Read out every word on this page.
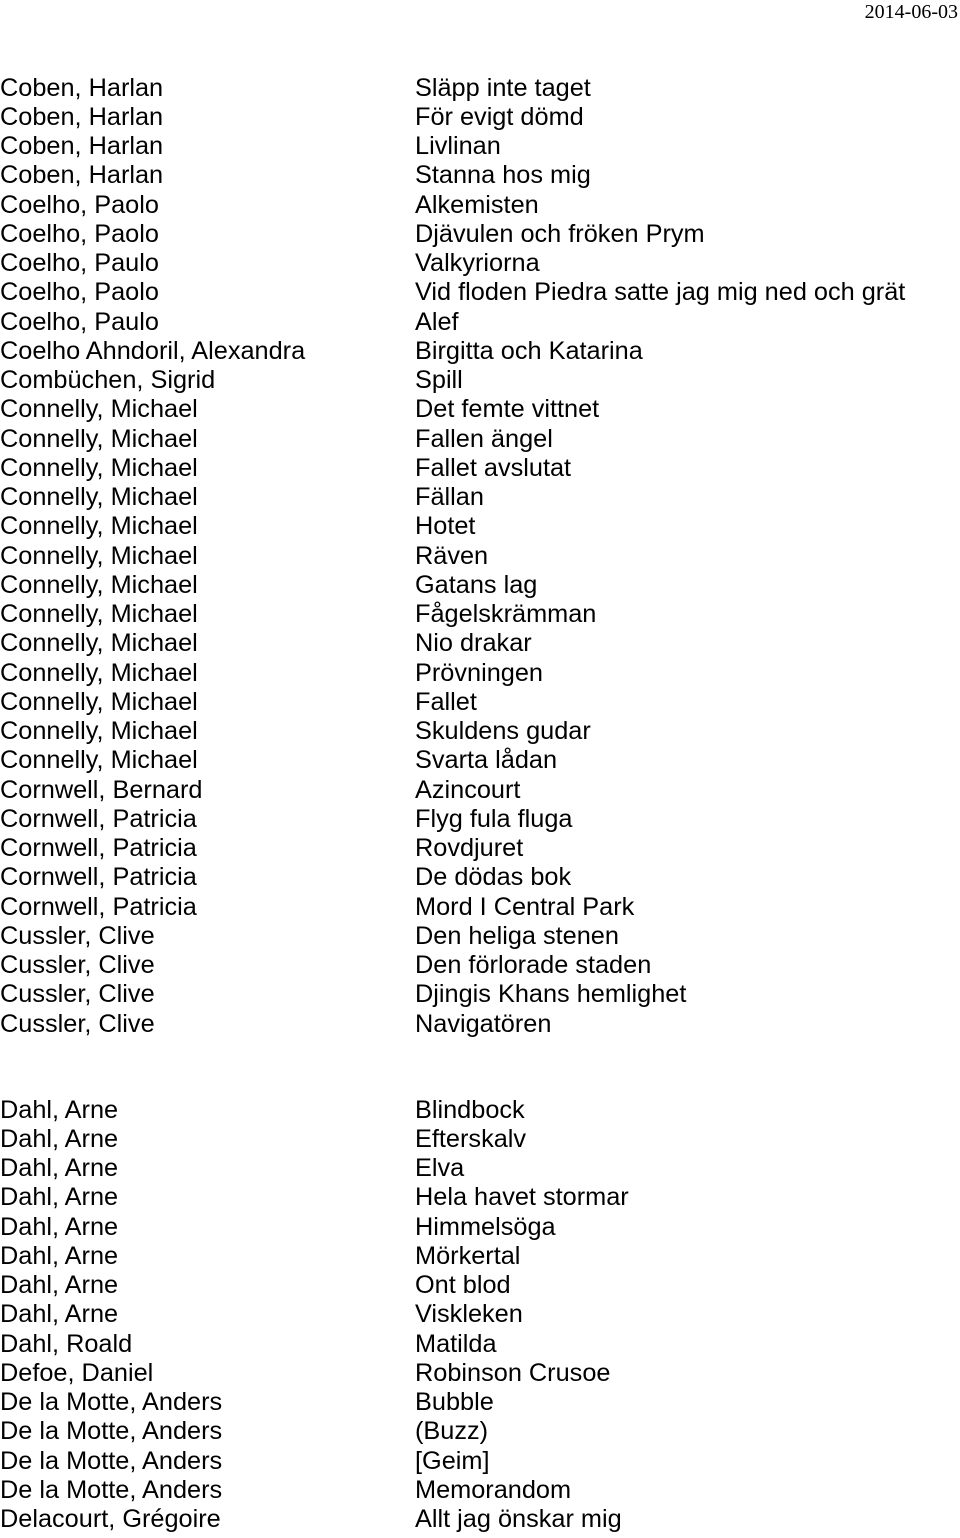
2014-06-03
Coben, Harlan	Släpp inte taget
Coben, Harlan	För evigt dömd
Coben, Harlan	Livlinan
Coben, Harlan	Stanna hos mig
Coelho, Paolo	Alkemisten
Coelho, Paolo	Djävulen och fröken Prym
Coelho, Paulo	Valkyriorna
Coelho, Paolo	Vid floden Piedra satte jag mig ned och grät
Coelho, Paulo	Alef
Coelho Ahndoril, Alexandra	Birgitta och Katarina
Combüchen, Sigrid	Spill
Connelly, Michael	Det femte vittnet
Connelly, Michael	Fallen ängel
Connelly, Michael	Fallet avslutat
Connelly, Michael	Fällan
Connelly, Michael	Hotet
Connelly, Michael	Räven
Connelly, Michael	Gatans lag
Connelly, Michael	Fågelskrämman
Connelly, Michael	Nio drakar
Connelly, Michael	Prövningen
Connelly, Michael	Fallet
Connelly, Michael	Skuldens gudar
Connelly, Michael	Svarta lådan
Cornwell, Bernard	Azincourt
Cornwell, Patricia	Flyg fula fluga
Cornwell, Patricia	Rovdjuret
Cornwell, Patricia	De dödas bok
Cornwell, Patricia	Mord I Central Park
Cussler, Clive	Den heliga stenen
Cussler, Clive	Den förlorade staden
Cussler, Clive	Djingis Khans hemlighet
Cussler, Clive	Navigatören
Dahl, Arne	Blindbock
Dahl, Arne	Efterskalv
Dahl, Arne	Elva
Dahl, Arne	Hela havet stormar
Dahl, Arne	Himmelsöga
Dahl, Arne	Mörkertal
Dahl, Arne	Ont blod
Dahl, Arne	Viskleken
Dahl, Roald	Matilda
Defoe, Daniel	Robinson Crusoe
De la Motte, Anders	Bubble
De la Motte, Anders	(Buzz)
De la Motte, Anders	[Geim]
De la Motte, Anders	Memorandom
Delacourt, Grégoire	Allt jag önskar mig
